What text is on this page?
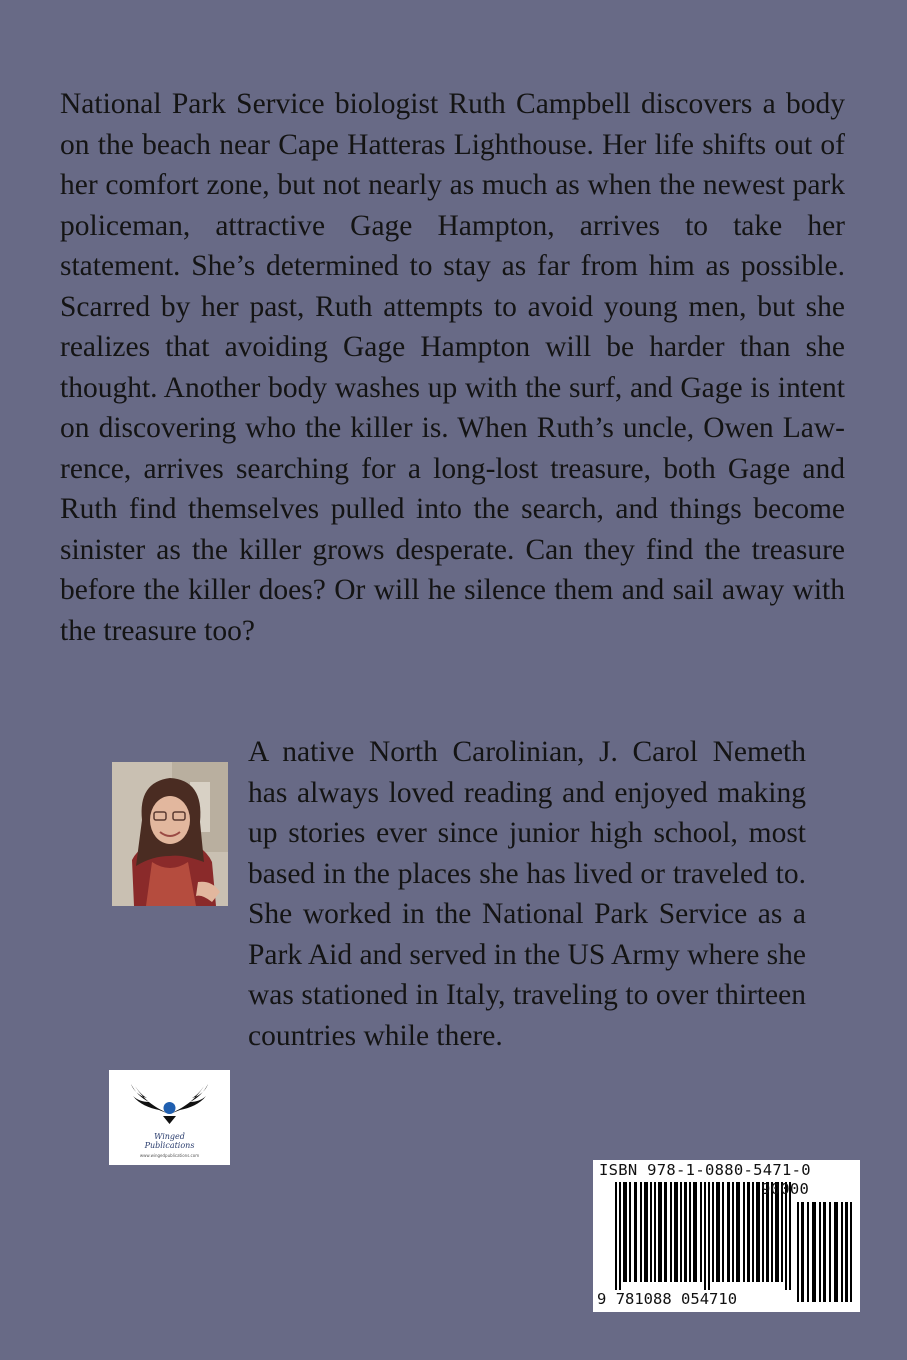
National Park Service biologist Ruth Campbell discovers a body on the beach near Cape Hatteras Lighthouse. Her life shifts out of her comfort zone, but not nearly as much as when the newest park policeman, attractive Gage Hampton, arrives to take her statement. She’s determined to stay as far from him as possible. Scarred by her past, Ruth attempts to avoid young men, but she realizes that avoiding Gage Hampton will be harder than she thought. Another body washes up with the surf, and Gage is intent on discovering who the killer is. When Ruth’s uncle, Owen Lawrence, arrives searching for a long-lost treasure, both Gage and Ruth find themselves pulled into the search, and things become sinister as the killer grows desperate. Can they find the treasure before the killer does? Or will he silence them and sail away with the treasure too?

A native North Carolinian, J. Carol Nemeth has always loved reading and enjoyed making up stories ever since junior high school, most based in the places she has lived or traveled to. She worked in the National Park Service as a Park Aid and served in the US Army where she was stationed in Italy, traveling to over thirteen countries while there.

Winged
Publications
www.wingedpublications.com
ISBN 978-1-0880-5471-0
90000
9 781088 054710
